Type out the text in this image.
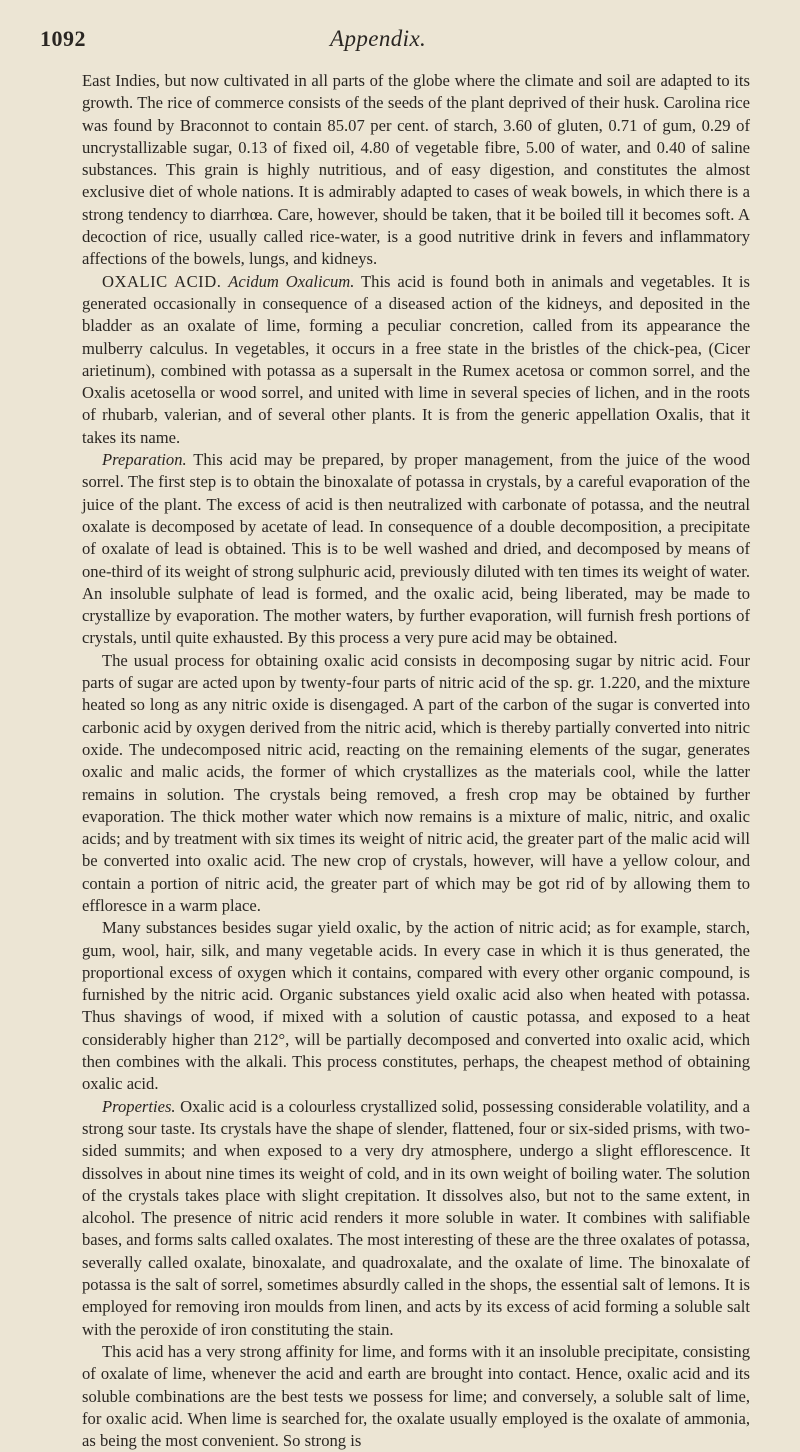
1092	Appendix.

East Indies, but now cultivated in all parts of the globe where the climate and soil are adapted to its growth. The rice of commerce consists of the seeds of the plant deprived of their husk. Carolina rice was found by Braconnot to contain 85.07 per cent. of starch, 3.60 of gluten, 0.71 of gum, 0.29 of uncrystallizable sugar, 0.13 of fixed oil, 4.80 of vegetable fibre, 5.00 of water, and 0.40 of saline substances. This grain is highly nutritious, and of easy digestion, and constitutes the almost exclusive diet of whole nations. It is admirably adapted to cases of weak bowels, in which there is a strong tendency to diarrhœa. Care, however, should be taken, that it be boiled till it becomes soft. A decoction of rice, usually called rice-water, is a good nutritive drink in fevers and inflammatory affections of the bowels, lungs, and kidneys.

OXALIC ACID. Acidum Oxalicum. This acid is found both in animals and vegetables. It is generated occasionally in consequence of a diseased action of the kidneys, and deposited in the bladder as an oxalate of lime, forming a peculiar concretion, called from its appearance the mulberry calculus. In vegetables, it occurs in a free state in the bristles of the chick-pea, (Cicer arietinum), combined with potassa as a supersalt in the Rumex acetosa or common sorrel, and the Oxalis acetosella or wood sorrel, and united with lime in several species of lichen, and in the roots of rhubarb, valerian, and of several other plants. It is from the generic appellation Oxalis, that it takes its name.

Preparation. This acid may be prepared, by proper management, from the juice of the wood sorrel. The first step is to obtain the binoxalate of potassa in crystals, by a careful evaporation of the juice of the plant. The excess of acid is then neutralized with carbonate of potassa, and the neutral oxalate is decomposed by acetate of lead. In consequence of a double decomposition, a precipitate of oxalate of lead is obtained. This is to be well washed and dried, and decomposed by means of one-third of its weight of strong sulphuric acid, previously diluted with ten times its weight of water. An insoluble sulphate of lead is formed, and the oxalic acid, being liberated, may be made to crystallize by evaporation. The mother waters, by further evaporation, will furnish fresh portions of crystals, until quite exhausted. By this process a very pure acid may be obtained.

The usual process for obtaining oxalic acid consists in decomposing sugar by nitric acid. Four parts of sugar are acted upon by twenty-four parts of nitric acid of the sp. gr. 1.220, and the mixture heated so long as any nitric oxide is disengaged. A part of the carbon of the sugar is converted into carbonic acid by oxygen derived from the nitric acid, which is thereby partially converted into nitric oxide. The undecomposed nitric acid, reacting on the remaining elements of the sugar, generates oxalic and malic acids, the former of which crystallizes as the materials cool, while the latter remains in solution. The crystals being removed, a fresh crop may be obtained by further evaporation. The thick mother water which now remains is a mixture of malic, nitric, and oxalic acids; and by treatment with six times its weight of nitric acid, the greater part of the malic acid will be converted into oxalic acid. The new crop of crystals, however, will have a yellow colour, and contain a portion of nitric acid, the greater part of which may be got rid of by allowing them to effloresce in a warm place.

Many substances besides sugar yield oxalic, by the action of nitric acid; as for example, starch, gum, wool, hair, silk, and many vegetable acids. In every case in which it is thus generated, the proportional excess of oxygen which it contains, compared with every other organic compound, is furnished by the nitric acid. Organic substances yield oxalic acid also when heated with potassa. Thus shavings of wood, if mixed with a solution of caustic potassa, and exposed to a heat considerably higher than 212°, will be partially decomposed and converted into oxalic acid, which then combines with the alkali. This process constitutes, perhaps, the cheapest method of obtaining oxalic acid.

Properties. Oxalic acid is a colourless crystallized solid, possessing considerable volatility, and a strong sour taste. Its crystals have the shape of slender, flattened, four or six-sided prisms, with two-sided summits; and when exposed to a very dry atmosphere, undergo a slight efflorescence. It dissolves in about nine times its weight of cold, and in its own weight of boiling water. The solution of the crystals takes place with slight crepitation. It dissolves also, but not to the same extent, in alcohol. The presence of nitric acid renders it more soluble in water. It combines with salifiable bases, and forms salts called oxalates. The most interesting of these are the three oxalates of potassa, severally called oxalate, binoxalate, and quadroxalate, and the oxalate of lime. The binoxalate of potassa is the salt of sorrel, sometimes absurdly called in the shops, the essential salt of lemons. It is employed for removing iron moulds from linen, and acts by its excess of acid forming a soluble salt with the peroxide of iron constituting the stain.

This acid has a very strong affinity for lime, and forms with it an insoluble precipitate, consisting of oxalate of lime, whenever the acid and earth are brought into contact. Hence, oxalic acid and its soluble combinations are the best tests we possess for lime; and conversely, a soluble salt of lime, for oxalic acid. When lime is searched for, the oxalate usually employed is the oxalate of ammonia, as being the most convenient. So strong is
